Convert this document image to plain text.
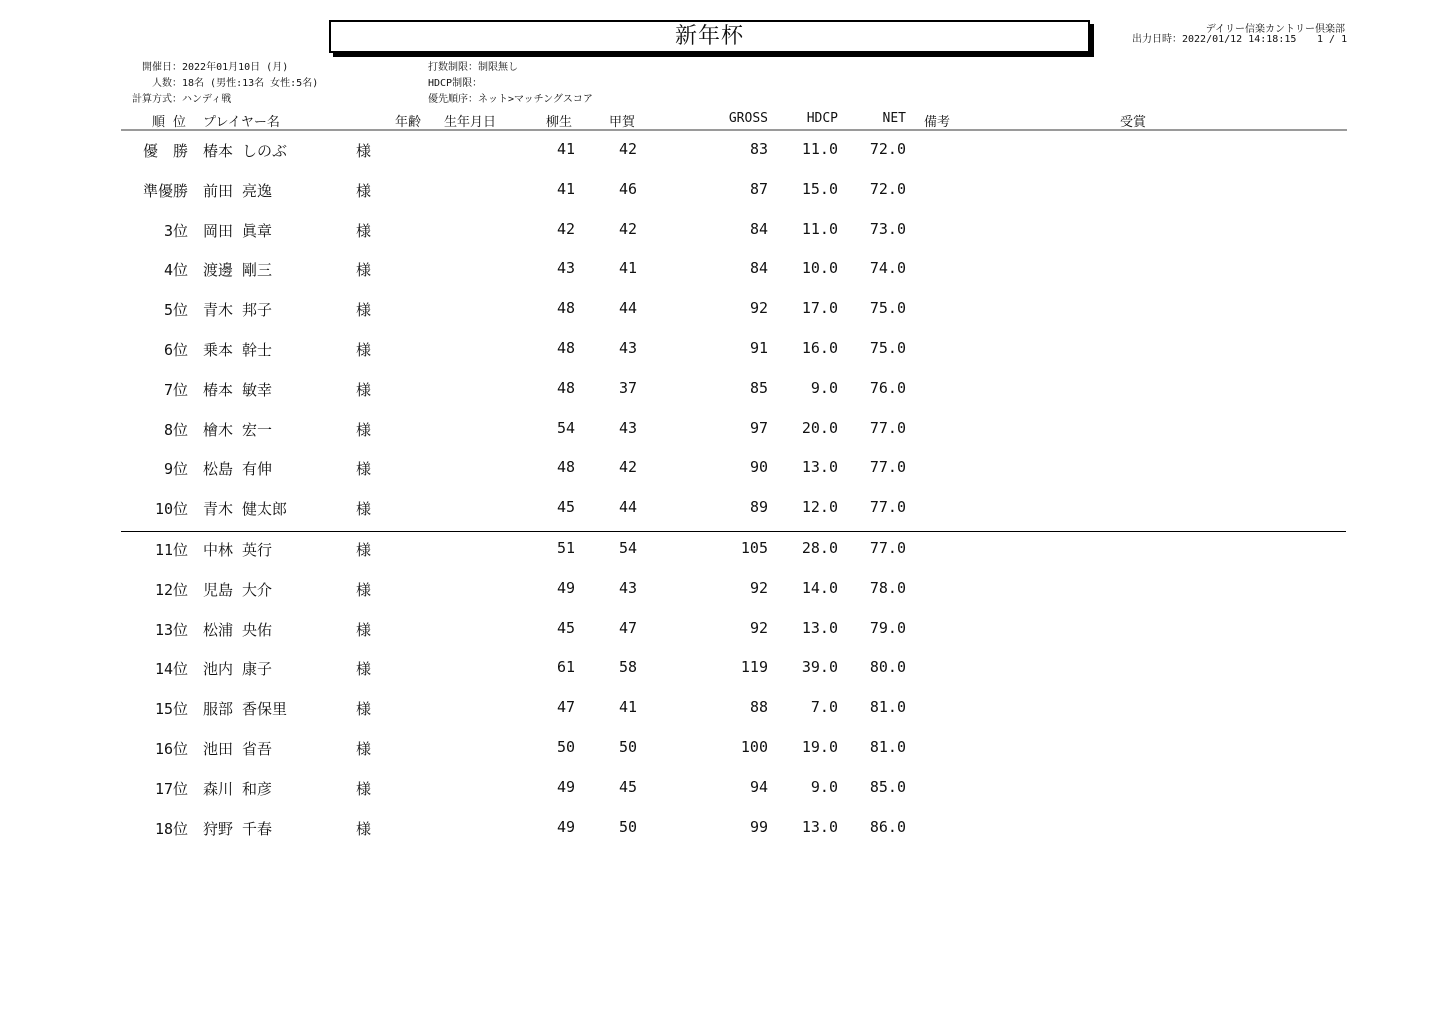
新年杯	デイリー信楽カントリー倶楽部
出力日時：2022/01/12 14:18:15 1 / 1
開催日：2022年01月10日 (月)
人数：18名 (男性:13名 女性:5名)
計算方式：ハンディ戦
打数制限：制限無し
HDCP制限：
優先順序：ネット>マッチングスコア
順 位 プレイヤー名	年齢 生年月日	柳生	甲賀	GROSS	HDCP	NET 備考	受賞
優　勝 椿本 しのぶ	様	41	42	83	11.0	72.0
準優勝 前田 亮逸	様	41	46	87	15.0	72.0
3位 岡田 眞章	様	42	42	84	11.0	73.0
4位 渡邊 剛三	様	43	41	84	10.0	74.0
5位 青木 邦子	様	48	44	92	17.0	75.0
6位 乗本 幹士	様	48	43	91	16.0	75.0
7位 椿本 敏幸	様	48	37	85	9.0	76.0
8位 檜木 宏一	様	54	43	97	20.0	77.0
9位 松島 有伸	様	48	42	90	13.0	77.0
10位 青木 健太郎	様	45	44	89	12.0	77.0
11位 中林 英行	様	51	54	105	28.0	77.0
12位 児島 大介	様	49	43	92	14.0	78.0
13位 松浦 央佑	様	45	47	92	13.0	79.0
14位 池内 康子	様	61	58	119	39.0	80.0
15位 服部 香保里	様	47	41	88	7.0	81.0
16位 池田 省吾	様	50	50	100	19.0	81.0
17位 森川 和彦	様	49	45	94	9.0	85.0
18位 狩野 千春	様	49	50	99	13.0	86.0
